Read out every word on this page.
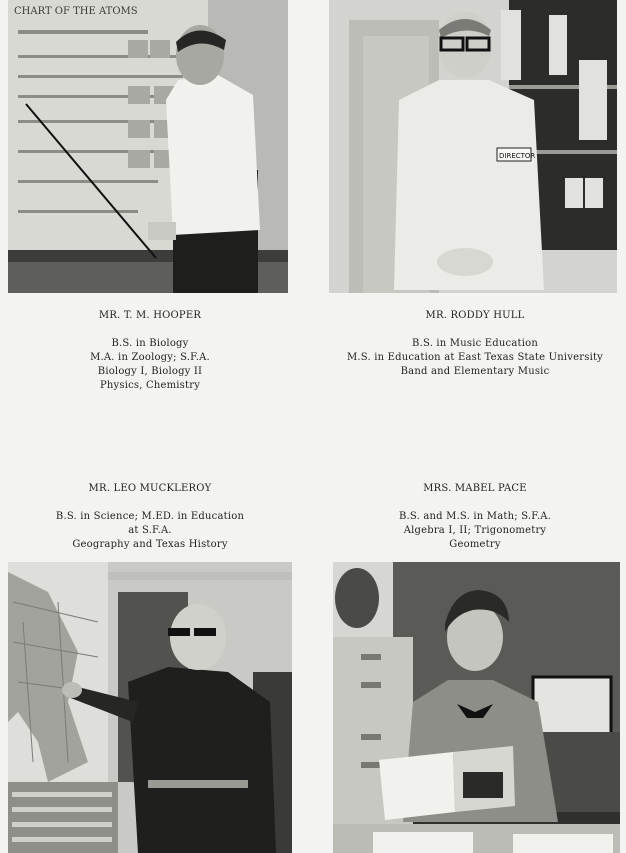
CHART OF THE ATOMS
DIRECTOR
MR. T. M. HOOPER
B.S. in Biology
M.A. in Zoology; S.F.A.
Biology I, Biology II
Physics, Chemistry
MR. RODDY HULL
B.S. in Music Education
M.S. in Education at East Texas State University
Band and Elementary Music
MR. LEO MUCKLEROY
B.S. in Science; M.ED. in Education
at S.F.A.
Geography and Texas History
MRS. MABEL PACE
B.S. and M.S. in Math; S.F.A.
Algebra I, II; Trigonometry
Geometry
